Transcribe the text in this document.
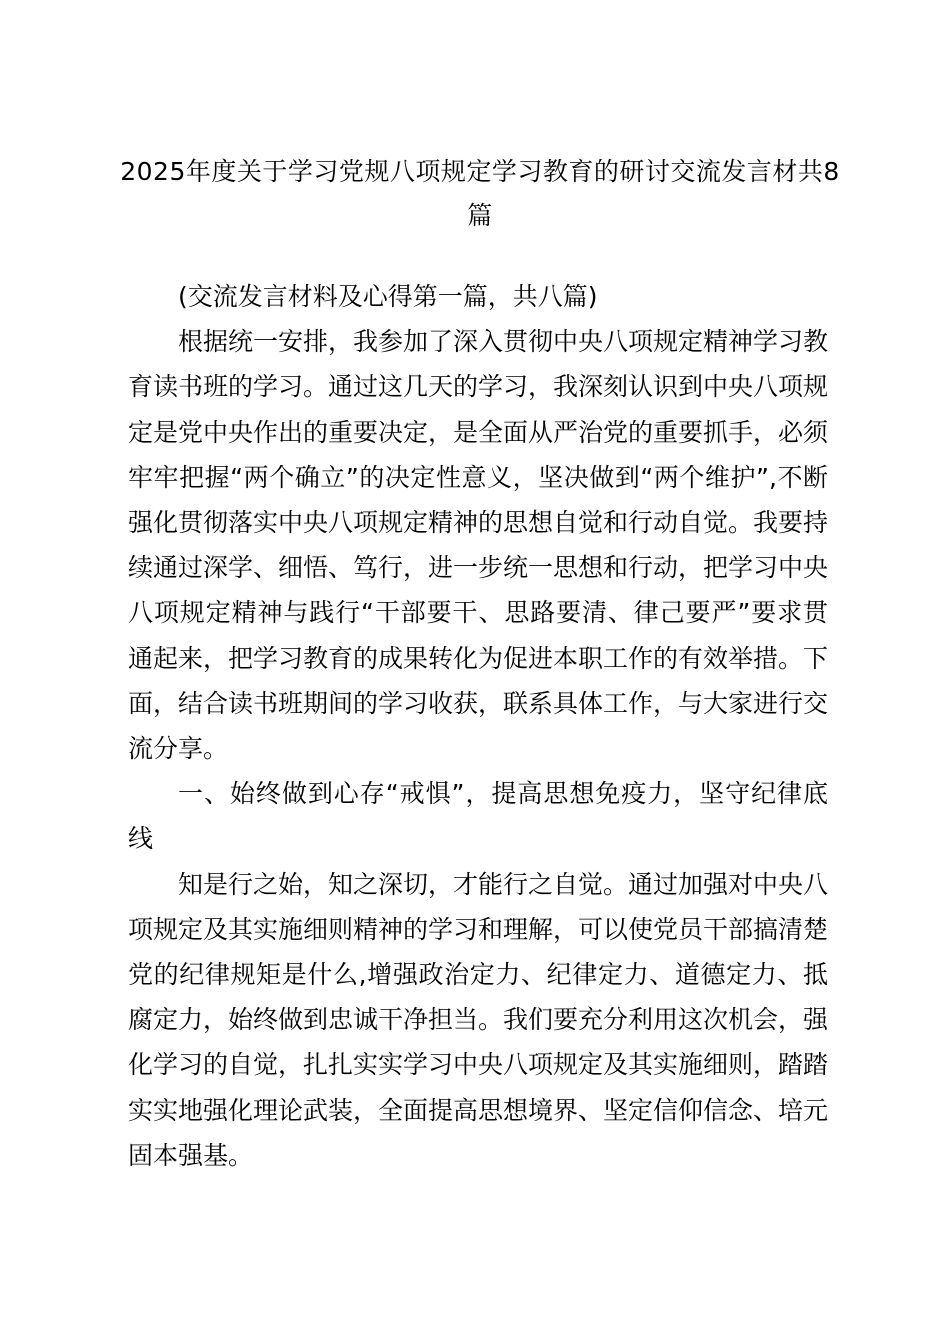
2025年度关于学习党规八项规定学习教育的研讨交流发言材共8篇

(交流发言材料及心得第一篇，共八篇)

根据统一安排，我参加了深入贯彻中央八项规定精神学习教育读书班的学习。通过这几天的学习，我深刻认识到中央八项规定是党中央作出的重要决定，是全面从严治党的重要抓手，必须牢牢把握“两个确立”的决定性意义，坚决做到“两个维护”,不断强化贯彻落实中央八项规定精神的思想自觉和行动自觉。我要持续通过深学、细悟、笃行，进一步统一思想和行动，把学习中央八项规定精神与践行“干部要干、思路要清、律己要严”要求贯通起来，把学习教育的成果转化为促进本职工作的有效举措。下面，结合读书班期间的学习收获，联系具体工作，与大家进行交流分享。

一、始终做到心存“戒惧”，提高思想免疫力，坚守纪律底线

知是行之始，知之深切，才能行之自觉。通过加强对中央八项规定及其实施细则精神的学习和理解，可以使党员干部搞清楚党的纪律规矩是什么,增强政治定力、纪律定力、道德定力、抵腐定力，始终做到忠诚干净担当。我们要充分利用这次机会，强化学习的自觉，扎扎实实学习中央八项规定及其实施细则，踏踏实实地强化理论武装，全面提高思想境界、坚定信仰信念、培元固本强基。
